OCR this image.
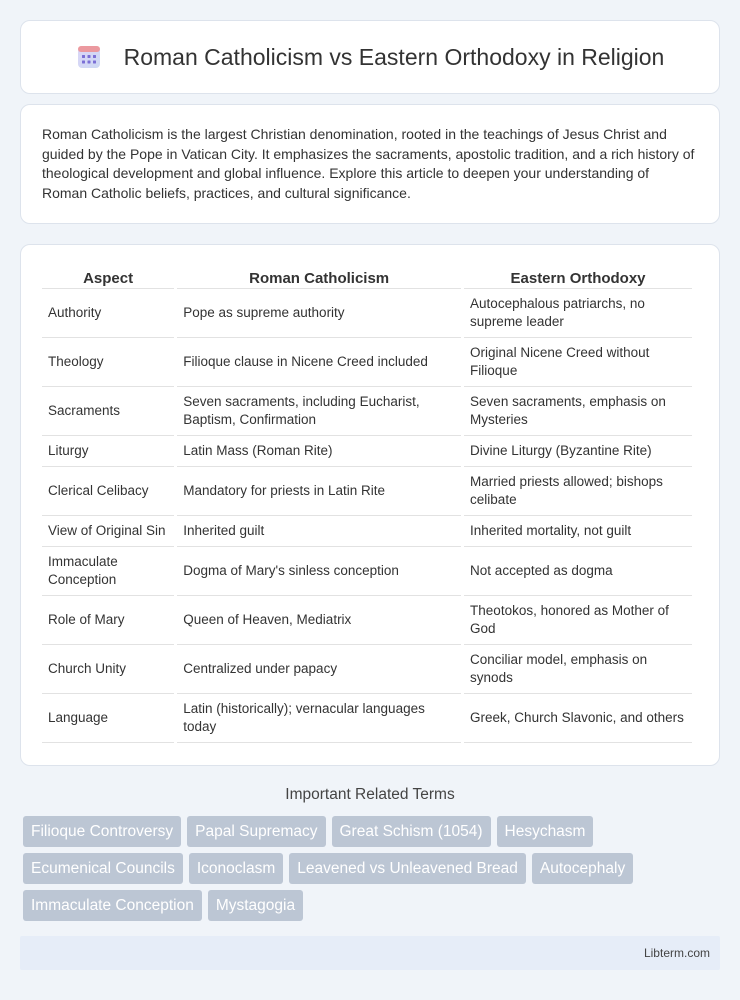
Roman Catholicism vs Eastern Orthodoxy in Religion

Roman Catholicism is the largest Christian denomination, rooted in the teachings of Jesus Christ and guided by the Pope in Vatican City. It emphasizes the sacraments, apostolic tradition, and a rich history of theological development and global influence. Explore this article to deepen your understanding of Roman Catholic beliefs, practices, and cultural significance.

Aspect	Roman Catholicism	Eastern Orthodoxy
Authority	Pope as supreme authority	Autocephalous patriarchs, no supreme leader
Theology	Filioque clause in Nicene Creed included	Original Nicene Creed without Filioque
Sacraments	Seven sacraments, including Eucharist, Baptism, Confirmation	Seven sacraments, emphasis on Mysteries
Liturgy	Latin Mass (Roman Rite)	Divine Liturgy (Byzantine Rite)
Clerical Celibacy	Mandatory for priests in Latin Rite	Married priests allowed; bishops celibate
View of Original Sin	Inherited guilt	Inherited mortality, not guilt
Immaculate Conception	Dogma of Mary's sinless conception	Not accepted as dogma
Role of Mary	Queen of Heaven, Mediatrix	Theotokos, honored as Mother of God
Church Unity	Centralized under papacy	Conciliar model, emphasis on synods
Language	Latin (historically); vernacular languages today	Greek, Church Slavonic, and others
Important Related Terms
Filioque Controversy	Papal Supremacy	Great Schism (1054)	Hesychasm
Ecumenical Councils	Iconoclasm	Leavened vs Unleavened Bread	Autocephaly
Immaculate Conception	Mystagogia
Libterm.com
